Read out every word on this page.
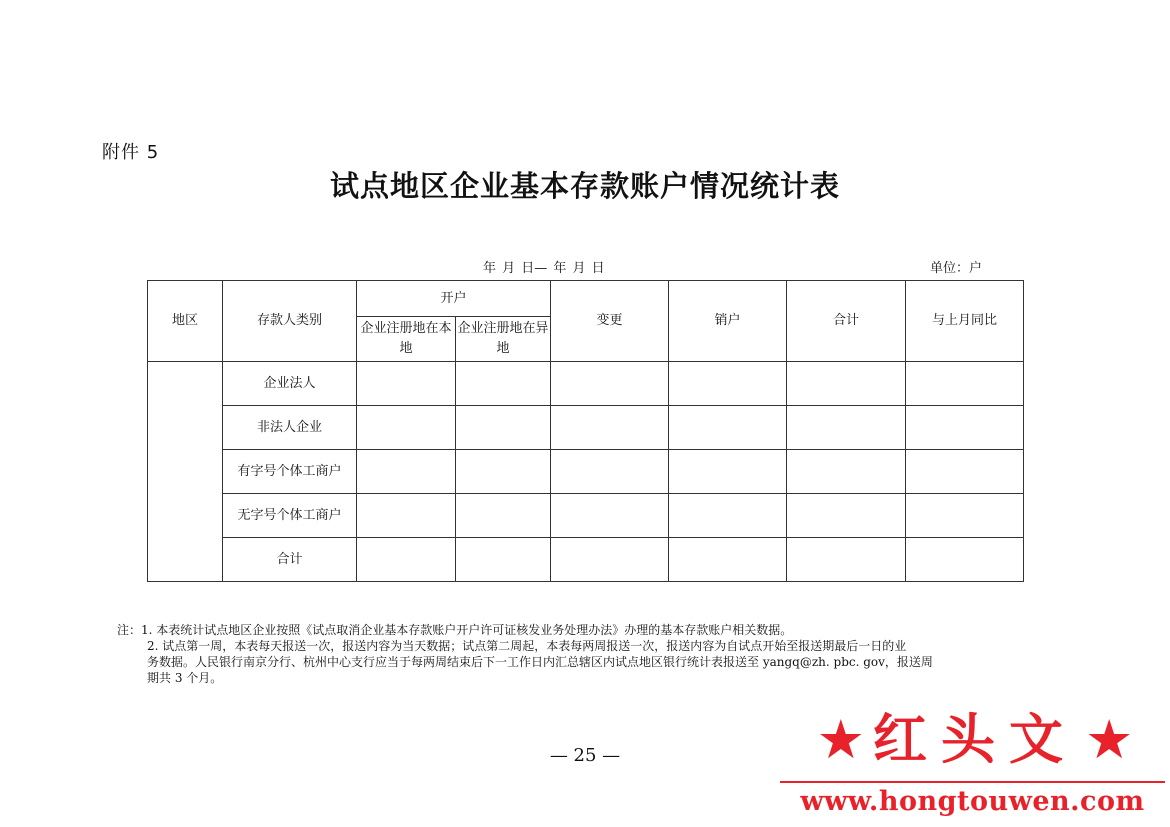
附件 5
试点地区企业基本存款账户情况统计表
年 月 日— 年 月 日	单位：户
地区	存款人类别	开户		变更	销户	合计	与上月同比
		企业注册地在本地	企业注册地在异地				
	企业法人						
	非法人企业						
	有字号个体工商户						
	无字号个体工商户						
	合计						
注：1. 本表统计试点地区企业按照《试点取消企业基本存款账户开户许可证核发业务处理办法》办理的基本存款账户相关数据。
2. 试点第一周，本表每天报送一次，报送内容为当天数据；试点第二周起，本表每两周报送一次，报送内容为自试点开始至报送期最后一日的业
务数据。人民银行南京分行、杭州中心支行应当于每两周结束后下一工作日内汇总辖区内试点地区银行统计表报送至 yangq@zh. pbc. gov，报送周
期共 3 个月。
— 25 —	★ 红头文 ★
www.hongtouwen.com
